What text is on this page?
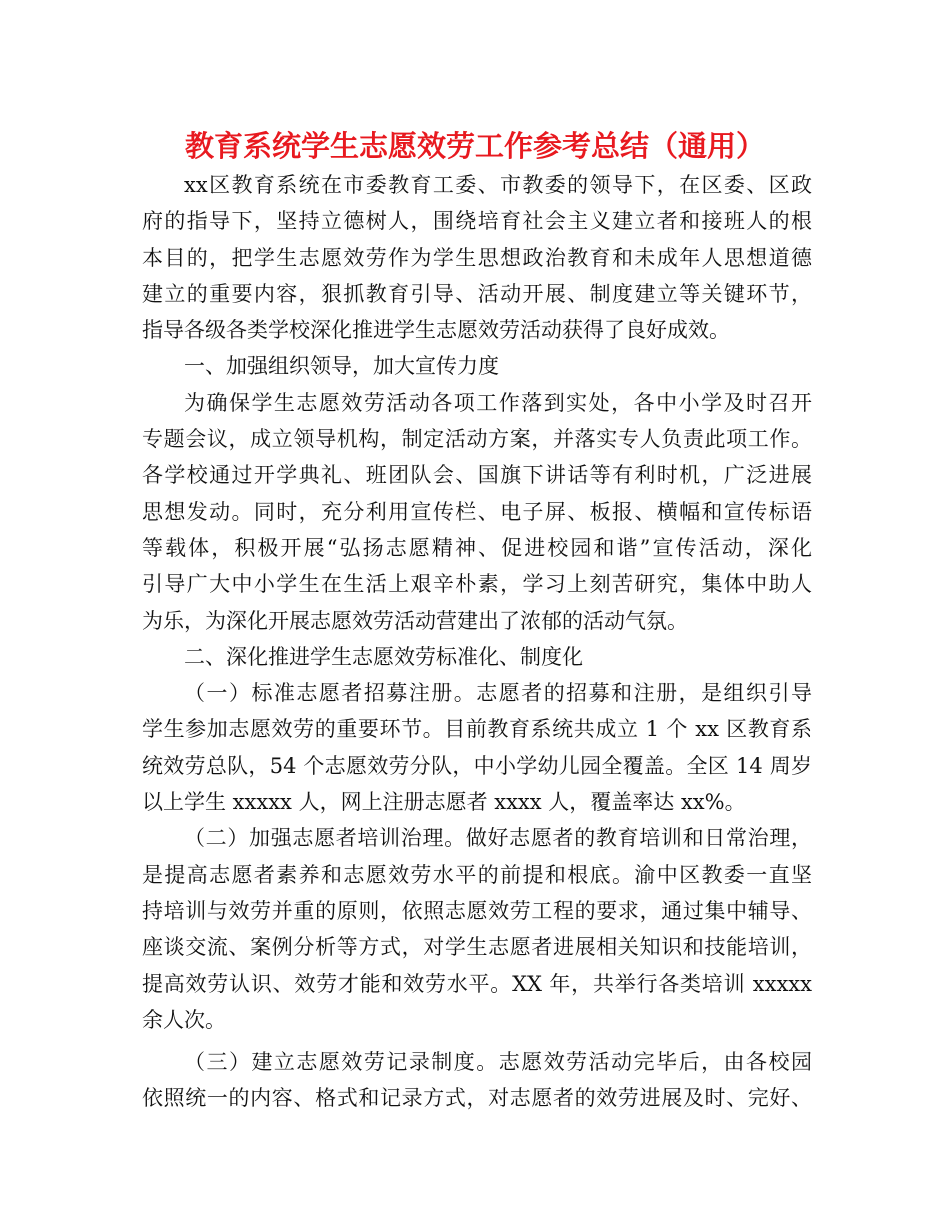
教育系统学生志愿效劳工作参考总结（通用）
xx区教育系统在市委教育工委、市教委的领导下，在区委、区政
府的指导下，坚持立德树人，围绕培育社会主义建立者和接班人的根
本目的，把学生志愿效劳作为学生思想政治教育和未成年人思想道德
建立的重要内容，狠抓教育引导、活动开展、制度建立等关键环节，
指导各级各类学校深化推进学生志愿效劳活动获得了良好成效。
一、加强组织领导，加大宣传力度
为确保学生志愿效劳活动各项工作落到实处，各中小学及时召开
专题会议，成立领导机构，制定活动方案，并落实专人负责此项工作。
各学校通过开学典礼、班团队会、国旗下讲话等有利时机，广泛进展
思想发动。同时，充分利用宣传栏、电子屏、板报、横幅和宣传标语
等载体，积极开展“弘扬志愿精神、促进校园和谐”宣传活动，深化
引导广大中小学生在生活上艰辛朴素，学习上刻苦研究，集体中助人
为乐，为深化开展志愿效劳活动营建出了浓郁的活动气氛。
二、深化推进学生志愿效劳标准化、制度化
（一）标准志愿者招募注册。志愿者的招募和注册，是组织引导
学生参加志愿效劳的重要环节。目前教育系统共成立 1 个 xx 区教育系
统效劳总队，54 个志愿效劳分队，中小学幼儿园全覆盖。全区 14 周岁
以上学生 xxxxx 人，网上注册志愿者 xxxx 人，覆盖率达 xx%。
（二）加强志愿者培训治理。做好志愿者的教育培训和日常治理，
是提高志愿者素养和志愿效劳水平的前提和根底。渝中区教委一直坚
持培训与效劳并重的原则，依照志愿效劳工程的要求，通过集中辅导、
座谈交流、案例分析等方式，对学生志愿者进展相关知识和技能培训，
提高效劳认识、效劳才能和效劳水平。XX 年，共举行各类培训 xxxxx
余人次。
（三）建立志愿效劳记录制度。志愿效劳活动完毕后，由各校园
依照统一的内容、格式和记录方式，对志愿者的效劳进展及时、完好、
